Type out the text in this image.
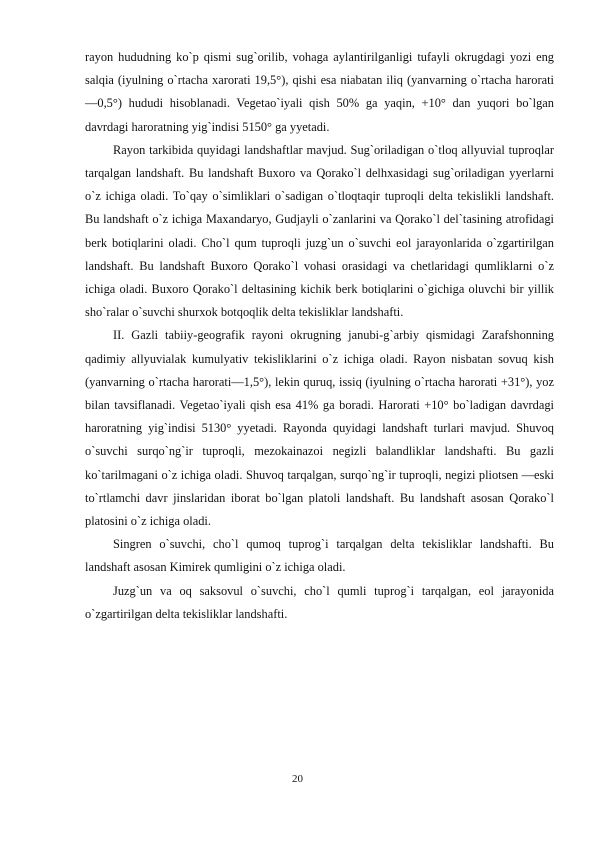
rayon hududning ko`p qismi sug`orilib, vohaga aylantirilganligi tufayli okrugdagi yozi eng salqia (iyulning o`rtacha xarorati 19,5°), qishi esa niabatan iliq (yanvarning o`rtacha harorati —0,5°) hududi hisoblanadi. Vegetao`iyali qish 50% ga yaqin, +10° dan yuqori bo`lgan davrdagi haroratning yig`indisi 5150° ga yyetadi.

Rayon tarkibida quyidagi landshaftlar mavjud. Sug`oriladigan o`tloq allyuvial tuproqlar tarqalgan landshaft. Bu landshaft Buxoro va Qorako`l delhxasidagi sug`oriladigan yyerlarni o`z ichiga oladi. To`qay o`simliklari o`sadigan o`tloqtaqir tuproqli delta tekislikli landshaft. Bu landshaft o`z ichiga Maxandaryo, Gudjayli o`zanlarini va Qorako`l del`tasining atrofidagi berk botiqlarini oladi. Cho`l qum tuproqli juzg`un o`suvchi eol jarayonlarida o`zgartirilgan landshaft. Bu landshaft Buxoro Qorako`l vohasi orasidagi va chetlaridagi qumliklarni o`z ichiga oladi. Buxoro Qorako`l deltasining kichik berk botiqlarini o`gichiga oluvchi bir yillik sho`ralar o`suvchi shurxok botqoqlik delta tekisliklar landshafti.

II. Gazli tabiiy-geografik rayoni okrugning janubi-g`arbiy qismidagi Zarafshonning qadimiy allyuvialak kumulyativ tekisliklarini o`z ichiga oladi. Rayon nisbatan sovuq kish (yanvarning o`rtacha harorati—1,5°), lekin quruq, issiq (iyulning o`rtacha harorati +31°), yoz bilan tavsiflanadi. Vegetao`iyali qish esa 41% ga boradi. Harorati +10° bo`ladigan davrdagi haroratning yig`indisi 5130° yyetadi. Rayonda quyidagi landshaft turlari mavjud. Shuvoq o`suvchi surqo`ng`ir tuproqli, mezokainazoi negizli balandliklar landshafti. Bu gazli ko`tarilmagani o`z ichiga oladi. Shuvoq tarqalgan, surqo`ng`ir tuproqli, negizi pliotsen —eski to`rtlamchi davr jinslaridan iborat bo`lgan platoli landshaft. Bu landshaft asosan Qorako`l platosini o`z ichiga oladi.

Singren o`suvchi, cho`l qumoq tuprog`i tarqalgan delta tekisliklar landshafti. Bu landshaft asosan Kimirek qumligini o`z ichiga oladi.

Juzg`un va oq saksovul o`suvchi, cho`l qumli tuprog`i tarqalgan, eol jarayonida o`zgartirilgan delta tekisliklar landshafti.

20
